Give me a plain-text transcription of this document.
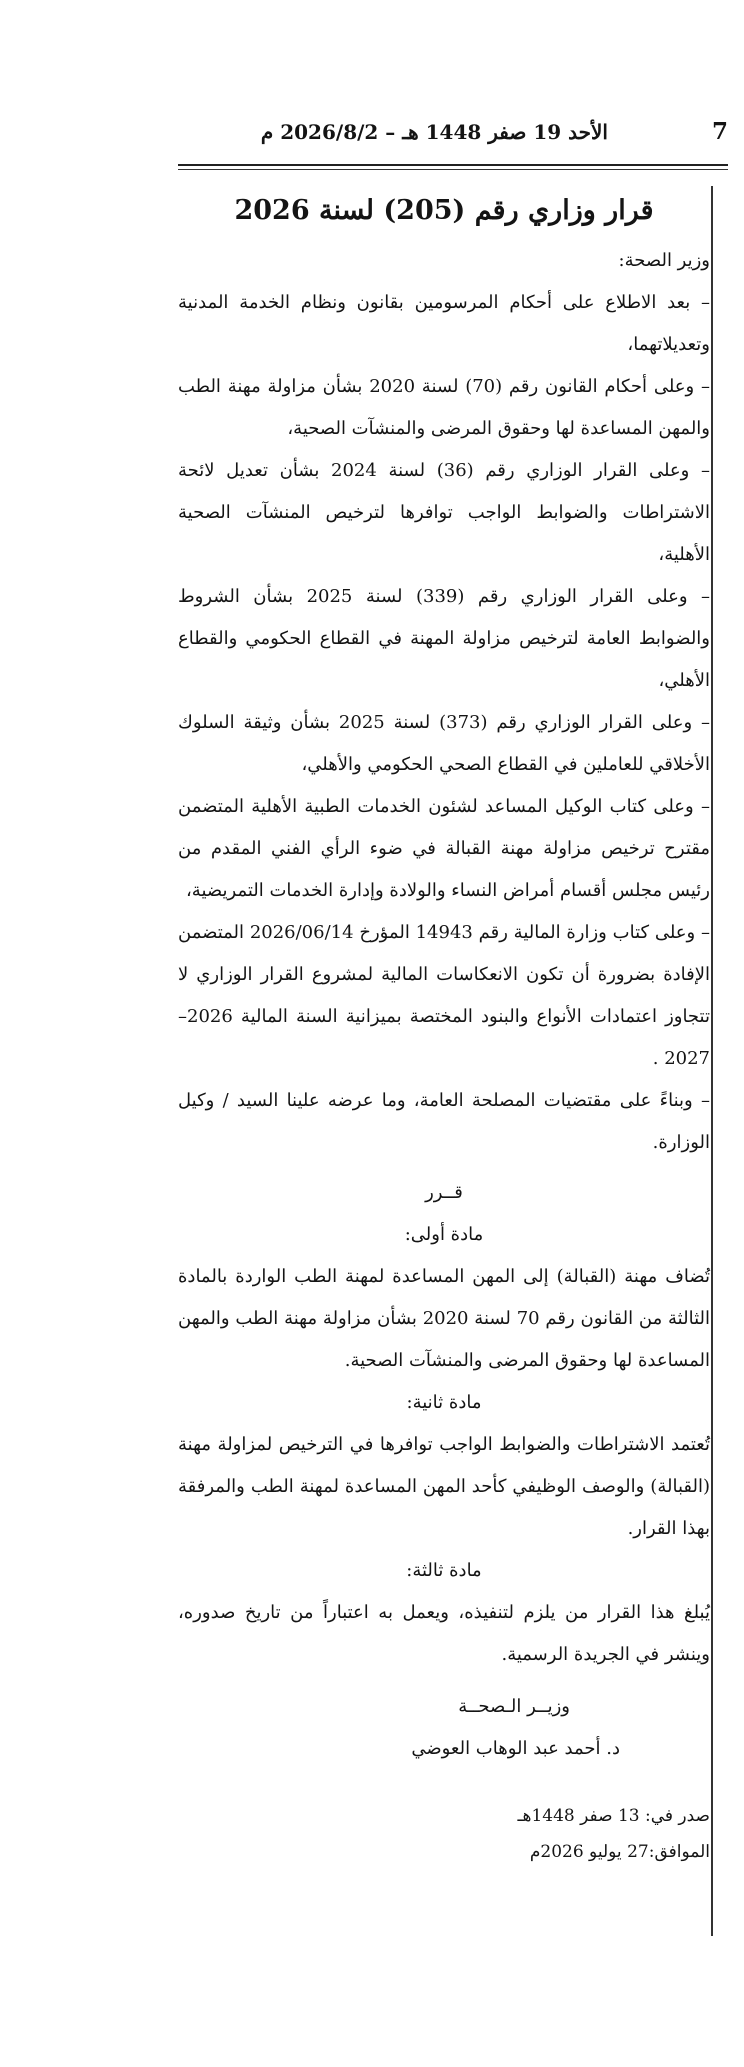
7
الأحد 19 صفر 1448 هـ – 2026/8/2 م
قرار وزاري رقم (205) لسنة 2026

وزير الصحة:

– بعد الاطلاع على أحكام المرسومين بقانون ونظام الخدمة المدنية وتعديلاتهما،

– وعلى أحكام القانون رقم (70) لسنة 2020 بشأن مزاولة مهنة الطب والمهن المساعدة لها وحقوق المرضى والمنشآت الصحية،

– وعلى القرار الوزاري رقم (36) لسنة 2024 بشأن تعديل لائحة الاشتراطات والضوابط الواجب توافرها لترخيص المنشآت الصحية الأهلية،

– وعلى القرار الوزاري رقم (339) لسنة 2025 بشأن الشروط والضوابط العامة لترخيص مزاولة المهنة في القطاع الحكومي والقطاع الأهلي،

– وعلى القرار الوزاري رقم (373) لسنة 2025 بشأن وثيقة السلوك الأخلاقي للعاملين في القطاع الصحي الحكومي والأهلي،

– وعلى كتاب الوكيل المساعد لشئون الخدمات الطبية الأهلية المتضمن مقترح ترخيص مزاولة مهنة القبالة في ضوء الرأي الفني المقدم من رئيس مجلس أقسام أمراض النساء والولادة وإدارة الخدمات التمريضية،

– وعلى كتاب وزارة المالية رقم 14943 المؤرخ 2026/06/14 المتضمن الإفادة بضرورة أن تكون الانعكاسات المالية لمشروع القرار الوزاري لا تتجاوز اعتمادات الأنواع والبنود المختصة بميزانية السنة المالية 2026–2027 .

– وبناءً على مقتضيات المصلحة العامة، وما عرضه علينا السيد / وكيل الوزارة.

قــرر

مادة أولى:

تُضاف مهنة (القبالة) إلى المهن المساعدة لمهنة الطب الواردة بالمادة الثالثة من القانون رقم 70 لسنة 2020 بشأن مزاولة مهنة الطب والمهن المساعدة لها وحقوق المرضى والمنشآت الصحية.

مادة ثانية:

تُعتمد الاشتراطات والضوابط الواجب توافرها في الترخيص لمزاولة مهنة (القبالة) والوصف الوظيفي كأحد المهن المساعدة لمهنة الطب والمرفقة بهذا القرار.

مادة ثالثة:

يُبلغ هذا القرار من يلزم لتنفيذه، ويعمل به اعتباراً من تاريخ صدوره، وينشر في الجريدة الرسمية.

وزيــر الـصحــة

د. أحمد عبد الوهاب العوضي

صدر في: 13 صفر 1448هـ
الموافق:27 يوليو 2026م
